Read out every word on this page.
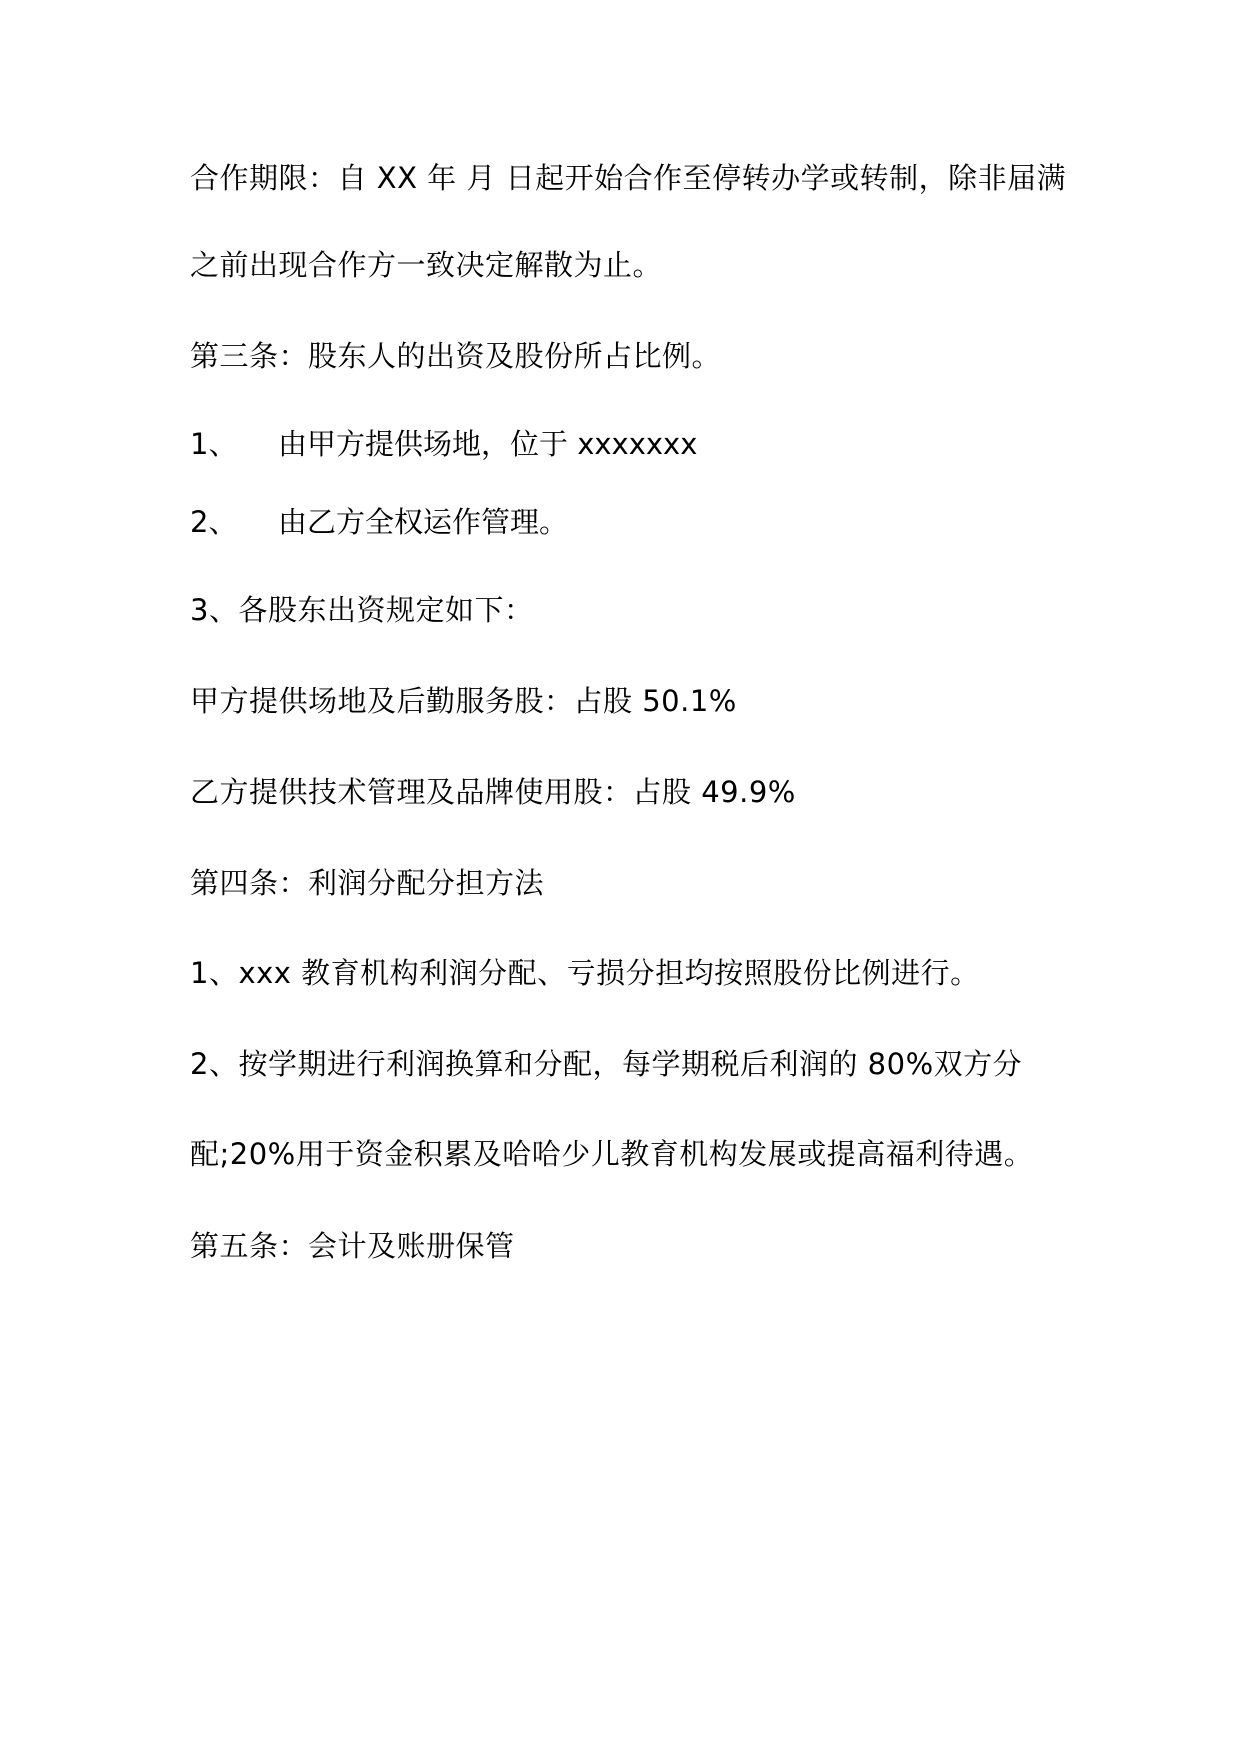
合作期限：自 XX 年 月 日起开始合作至停转办学或转制，除非届满
之前出现合作方一致决定解散为止。
第三条：股东人的出资及股份所占比例。
1、 由甲方提供场地，位于 xxxxxxx
2、 由乙方全权运作管理。
3、各股东出资规定如下：
甲方提供场地及后勤服务股：占股 50.1%
乙方提供技术管理及品牌使用股：占股 49.9%
第四条：利润分配分担方法
1、xxx 教育机构利润分配、亏损分担均按照股份比例进行。
2、按学期进行利润换算和分配，每学期税后利润的 80%双方分
配;20%用于资金积累及哈哈少儿教育机构发展或提高福利待遇。
第五条：会计及账册保管
